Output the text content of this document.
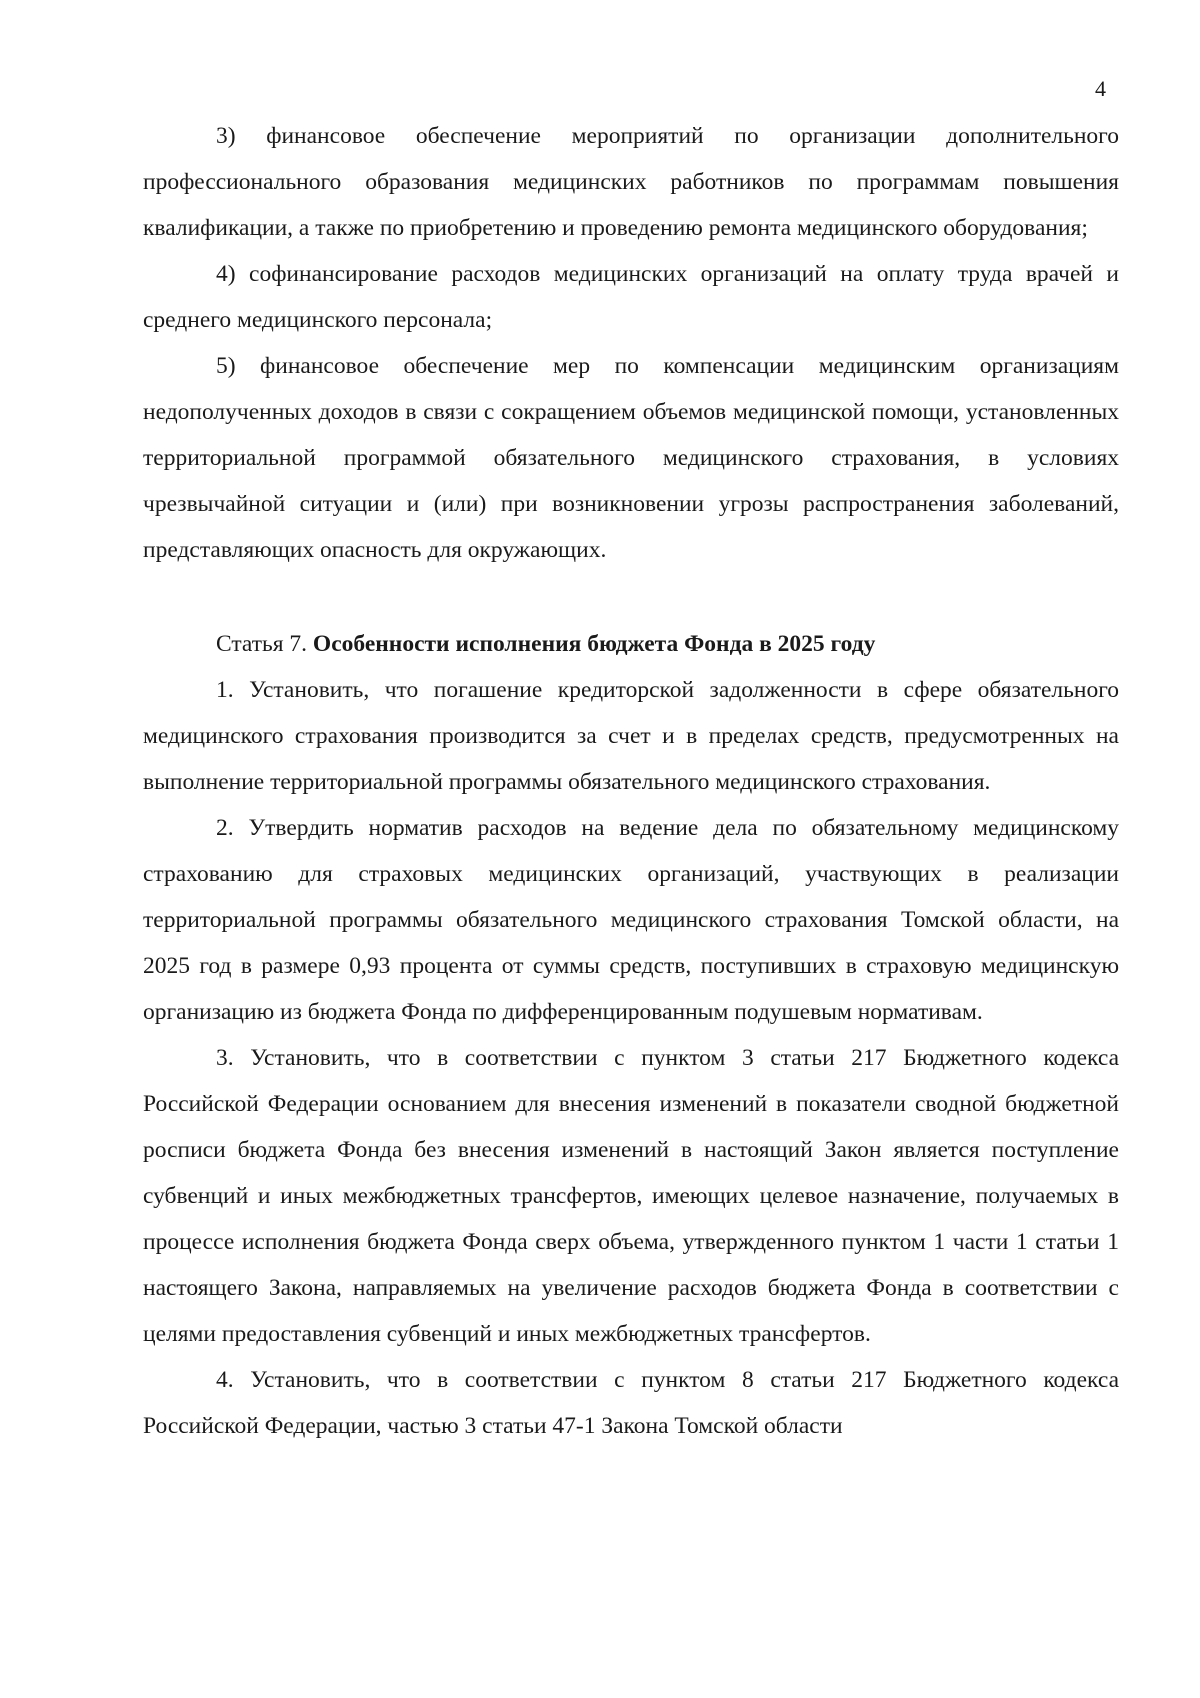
4

3) финансовое обеспечение мероприятий по организации дополнительного профессионального образования медицинских работников по программам повышения квалификации, а также по приобретению и проведению ремонта медицинского оборудования;

4) софинансирование расходов медицинских организаций на оплату труда врачей и среднего медицинского персонала;

5) финансовое обеспечение мер по компенсации медицинским организациям недополученных доходов в связи с сокращением объемов медицинской помощи, установленных территориальной программой обязательного медицинского страхования, в условиях чрезвычайной ситуации и (или) при возникновении угрозы распространения заболеваний, представляющих опасность для окружающих.

Статья 7. Особенности исполнения бюджета Фонда в 2025 году

1. Установить, что погашение кредиторской задолженности в сфере обязательного медицинского страхования производится за счет и в пределах средств, предусмотренных на выполнение территориальной программы обязательного медицинского страхования.

2. Утвердить норматив расходов на ведение дела по обязательному медицинскому страхованию для страховых медицинских организаций, участвующих в реализации территориальной программы обязательного медицинского страхования Томской области, на 2025 год в размере 0,93 процента от суммы средств, поступивших в страховую медицинскую организацию из бюджета Фонда по дифференцированным подушевым нормативам.

3. Установить, что в соответствии с пунктом 3 статьи 217 Бюджетного кодекса Российской Федерации основанием для внесения изменений в показатели сводной бюджетной росписи бюджета Фонда без внесения изменений в настоящий Закон является поступление субвенций и иных межбюджетных трансфертов, имеющих целевое назначение, получаемых в процессе исполнения бюджета Фонда сверх объема, утвержденного пунктом 1 части 1 статьи 1 настоящего Закона, направляемых на увеличение расходов бюджета Фонда в соответствии с целями предоставления субвенций и иных межбюджетных трансфертов.

4. Установить, что в соответствии с пунктом 8 статьи 217 Бюджетного кодекса Российской Федерации, частью 3 статьи 47-1 Закона Томской области
